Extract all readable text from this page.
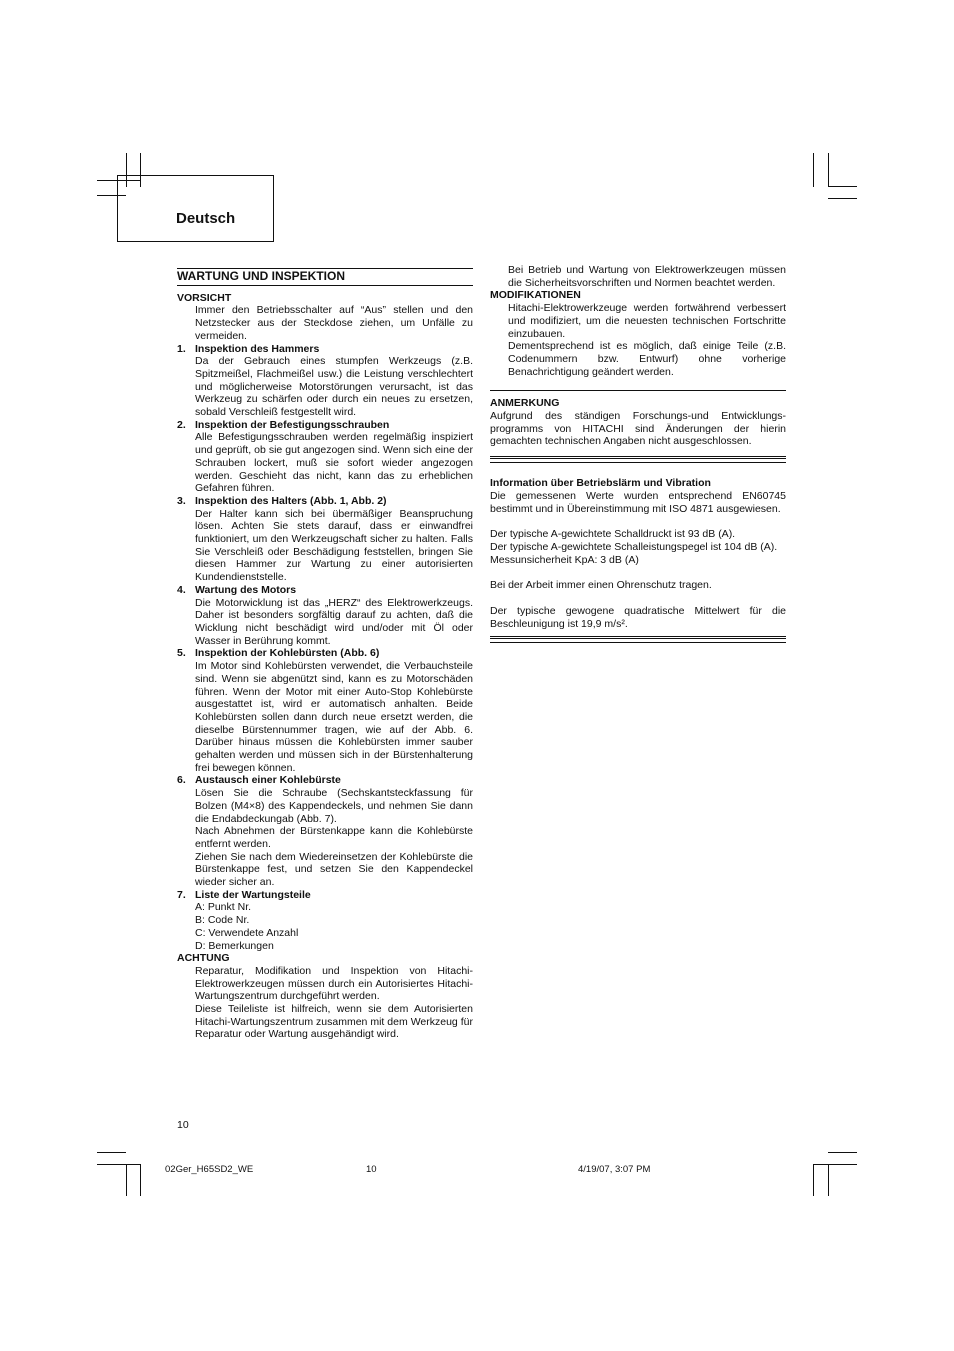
Deutsch
WARTUNG UND INSPEKTION
VORSICHT

Immer den Betriebsschalter auf “Aus” stellen und den Netzstecker aus der Steckdose ziehen, um Unfälle zu vermeiden.

1. Inspektion des Hammers

Da der Gebrauch eines stumpfen Werkzeugs (z.B. Spitzmeißel, Flachmeißel usw.) die Leistung verschlechtert und möglicherweise Motorstörungen verursacht, ist das Werkzeug zu schärfen oder durch ein neues zu ersetzen, sobald Verschleiß festgestellt wird.

2. Inspektion der Befestigungsschrauben

Alle Befestigungsschrauben werden regelmäßig inspiziert und geprüft, ob sie gut angezogen sind. Wenn sich eine der Schrauben lockert, muß sie sofort wieder angezogen werden. Geschieht das nicht, kann das zu erheblichen Gefahren führen.

3. Inspektion des Halters (Abb. 1, Abb. 2)

Der Halter kann sich bei übermäßiger Beanspruchung lösen. Achten Sie stets darauf, dass er einwandfrei funktioniert, um den Werkzeugschaft sicher zu halten. Falls Sie Verschleiß oder Beschädigung feststellen, bringen Sie diesen Hammer zur Wartung zu einer autorisierten Kundendienststelle.

4. Wartung des Motors

Die Motorwicklung ist das „HERZ“ des Elektrowerkzeugs. Daher ist besonders sorgfältig darauf zu achten, daß die Wicklung nicht beschädigt wird und/oder mit Öl oder Wasser in Berührung kommt.

5. Inspektion der Kohlebürsten (Abb. 6)

Im Motor sind Kohlebürsten verwendet, die Verbauchsteile sind. Wenn sie abgenützt sind, kann es zu Motorschäden führen. Wenn der Motor mit einer Auto-Stop Kohlebürste ausgestattet ist, wird er automatisch anhalten. Beide Kohlebürsten sollen dann durch neue ersetzt werden, die dieselbe Bürstennummer tragen, wie auf der Abb. 6. Darüber hinaus müssen die Kohlebürsten immer sauber gehalten werden und müssen sich in der Bürstenhalterung frei bewegen können.

6. Austausch einer Kohlebürste

Lösen Sie die Schraube (Sechskantsteckfassung für Bolzen (M4×8) des Kappendeckels, und nehmen Sie dann die Endabdeckungab (Abb. 7).

Nach Abnehmen der Bürstenkappe kann die Kohlebürste entfernt werden.

Ziehen Sie nach dem Wiedereinsetzen der Kohlebürste die Bürstenkappe fest, und setzen Sie den Kappendeckel wieder sicher an.

7. Liste der Wartungsteile

A: Punkt Nr.

B: Code Nr.

C: Verwendete Anzahl

D: Bemerkungen

ACHTUNG

Reparatur, Modifikation und Inspektion von Hitachi-Elektrowerkzeugen müssen durch ein Autorisiertes Hitachi-Wartungszentrum durchgeführt werden.

Diese Teileliste ist hilfreich, wenn sie dem Autorisierten Hitachi-Wartungszentrum zusammen mit dem Werkzeug für Reparatur oder Wartung ausgehändigt wird.

Bei Betrieb und Wartung von Elektrowerkzeugen müssen die Sicherheitsvorschriften und Normen beachtet werden.

MODIFIKATIONEN

Hitachi-Elektrowerkzeuge werden fortwährend verbessert und modifiziert, um die neuesten technischen Fortschritte einzubauen.

Dementsprechend ist es möglich, daß einige Teile (z.B. Codenummern bzw. Entwurf) ohne vorherige Benachrichtigung geändert werden.

ANMERKUNG

Aufgrund des ständigen Forschungs-und Entwicklungs-programms von HITACHI sind Änderungen der hierin gemachten technischen Angaben nicht ausgeschlossen.

Information über Betriebslärm und Vibration

Die gemessenen Werte wurden entsprechend EN60745 bestimmt und in Übereinstimmung mit ISO 4871 ausgewiesen.

Der typische A-gewichtete Schalldruckt ist 93 dB (A).

Der typische A-gewichtete Schalleistungspegel ist 104 dB (A).

Messunsicherheit KpA: 3 dB (A)

Bei der Arbeit immer einen Ohrenschutz tragen.

Der typische gewogene quadratische Mittelwert für die Beschleunigung ist 19,9 m/s².

10
02Ger_H65SD2_WE	10	4/19/07, 3:07 PM
